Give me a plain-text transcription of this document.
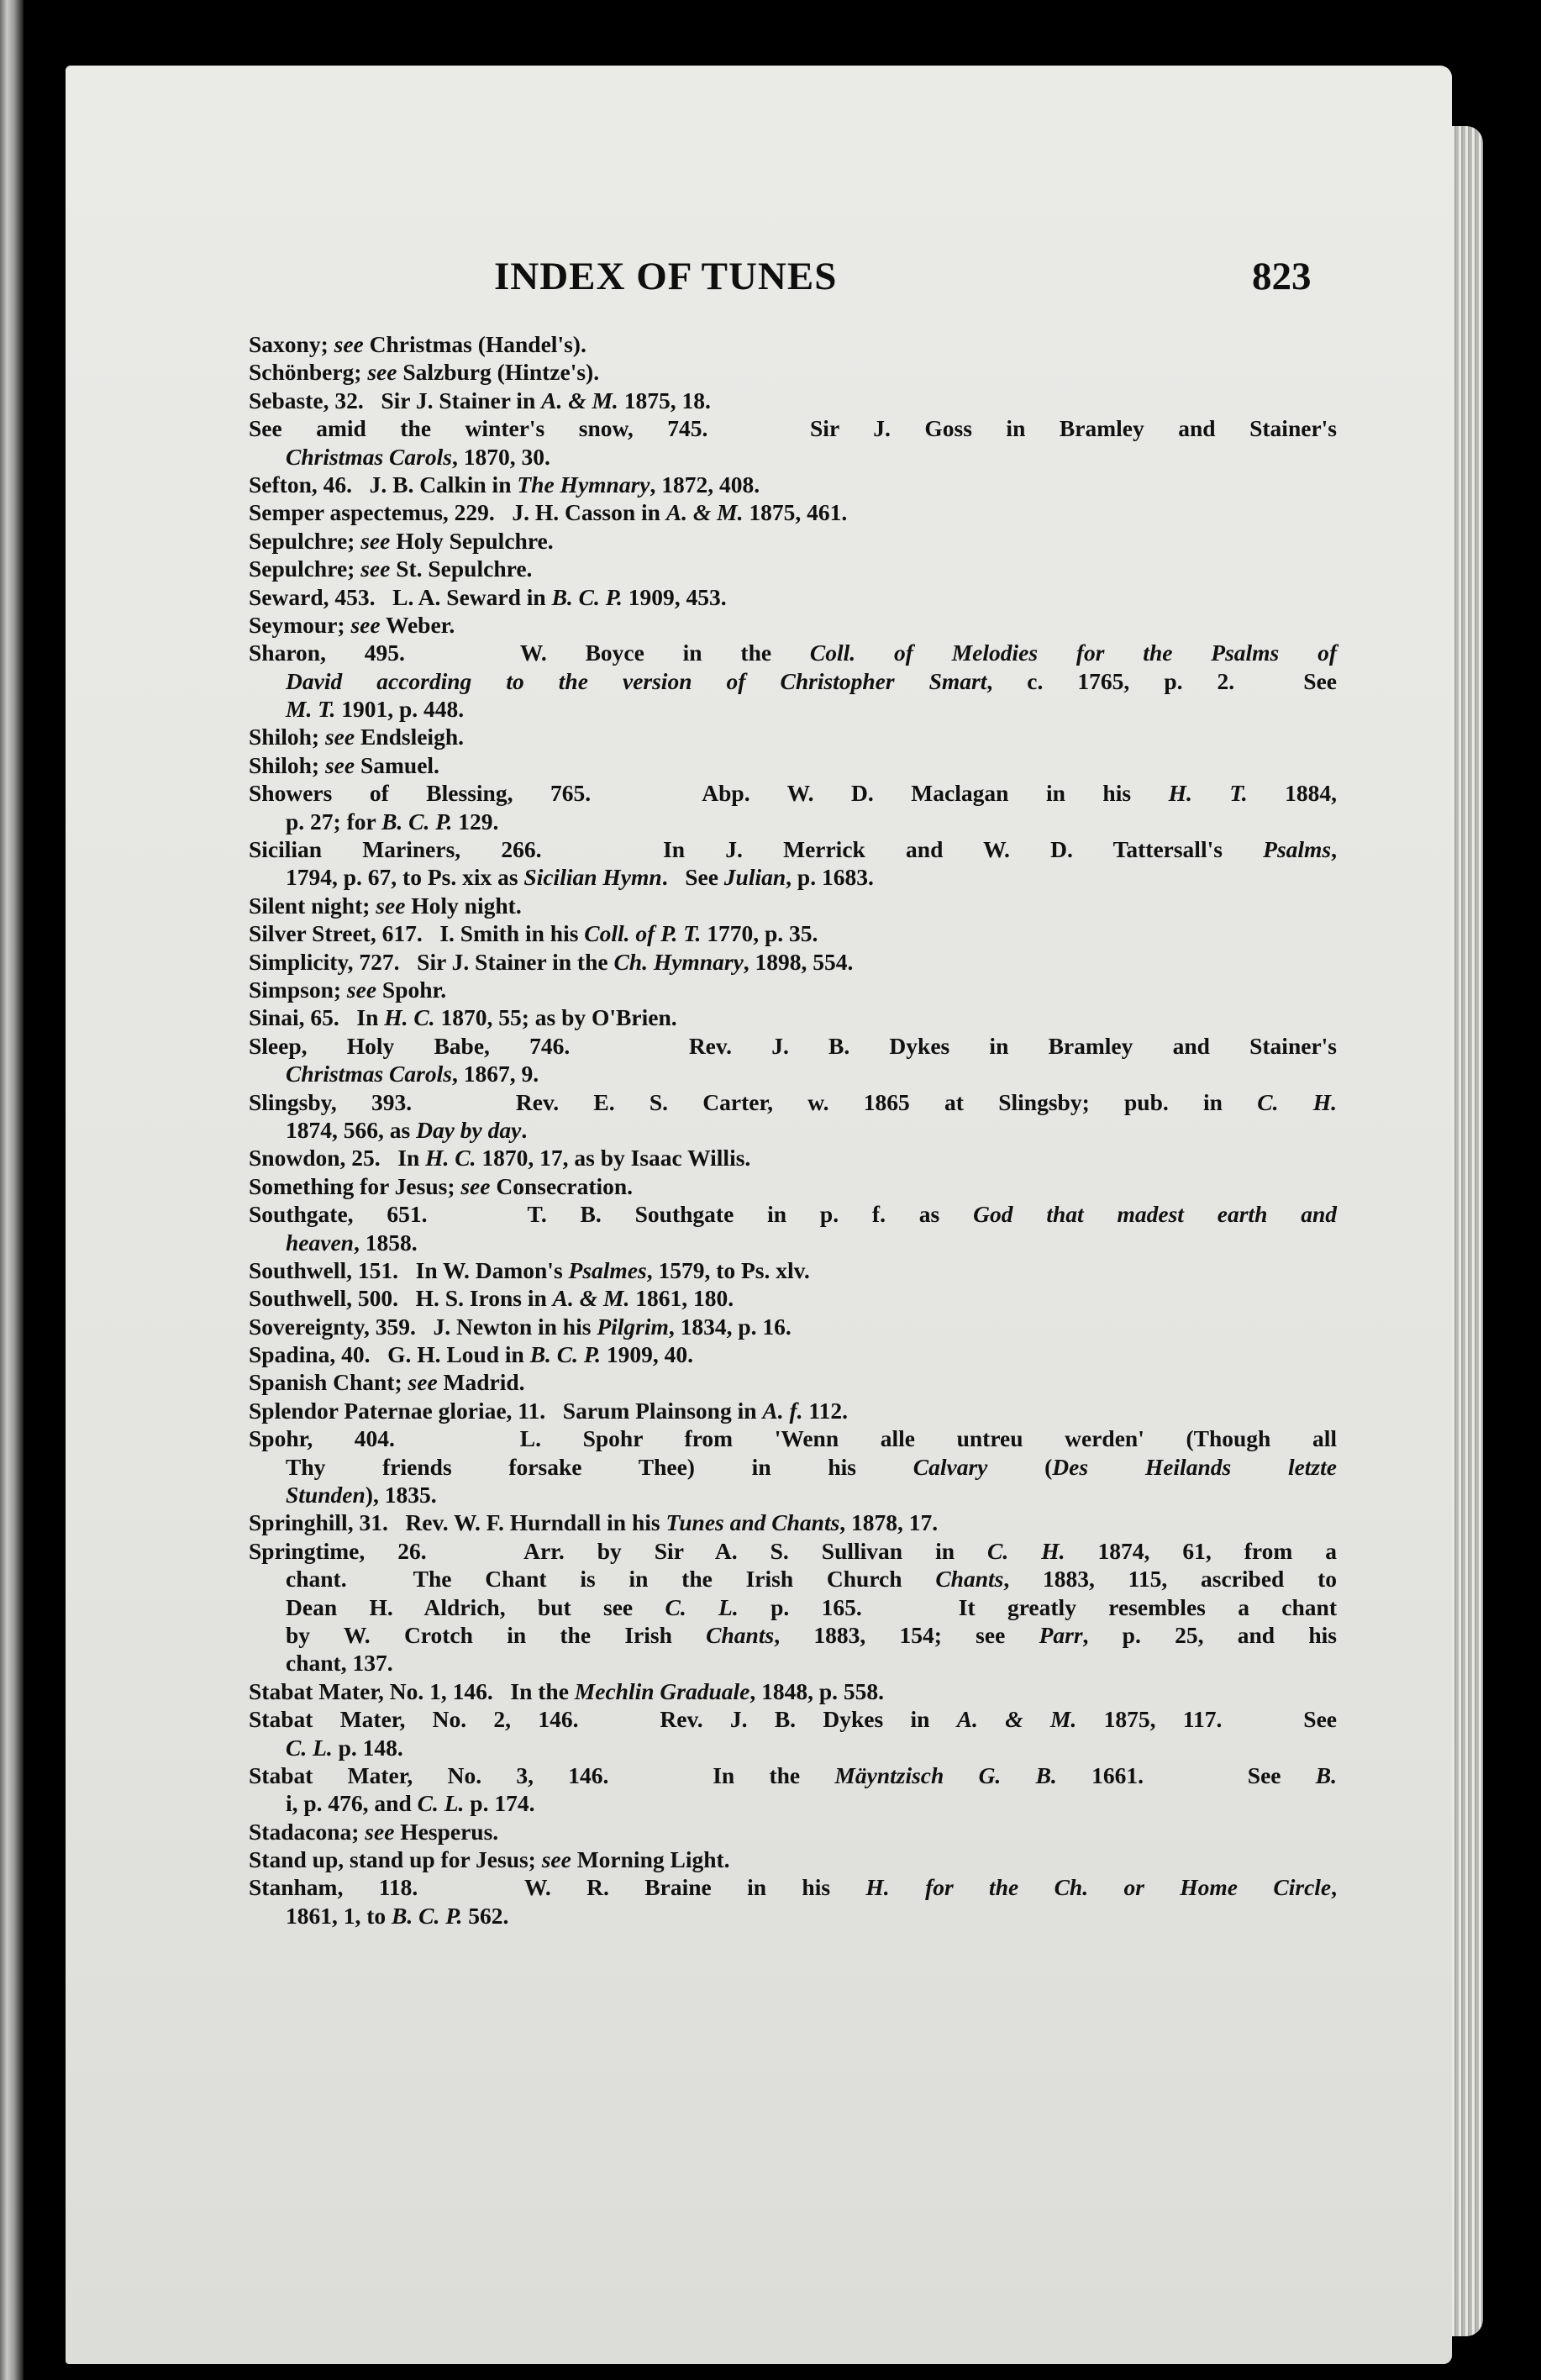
INDEX OF TUNES	823
Saxony; see Christmas (Handel's).
Schönberg; see Salzburg (Hintze's).
Sebaste, 32.   Sir J. Stainer in A. & M. 1875, 18.
See amid the winter's snow, 745.   Sir J. Goss in Bramley and Stainer's
Christmas Carols, 1870, 30.
Sefton, 46.   J. B. Calkin in The Hymnary, 1872, 408.
Semper aspectemus, 229.   J. H. Casson in A. & M. 1875, 461.
Sepulchre; see Holy Sepulchre.
Sepulchre; see St. Sepulchre.
Seward, 453.   L. A. Seward in B. C. P. 1909, 453.
Seymour; see Weber.
Sharon, 495.   W. Boyce in the Coll. of Melodies for the Psalms of
David according to the version of Christopher Smart, c. 1765, p. 2.  See
M. T. 1901, p. 448.
Shiloh; see Endsleigh.
Shiloh; see Samuel.
Showers of Blessing, 765.   Abp. W. D. Maclagan in his H. T. 1884,
p. 27; for B. C. P. 129.
Sicilian Mariners, 266.   In J. Merrick and W. D. Tattersall's Psalms,
1794, p. 67, to Ps. xix as Sicilian Hymn.   See Julian, p. 1683.
Silent night; see Holy night.
Silver Street, 617.   I. Smith in his Coll. of P. T. 1770, p. 35.
Simplicity, 727.   Sir J. Stainer in the Ch. Hymnary, 1898, 554.
Simpson; see Spohr.
Sinai, 65.   In H. C. 1870, 55; as by O'Brien.
Sleep, Holy Babe, 746.   Rev. J. B. Dykes in Bramley and Stainer's
Christmas Carols, 1867, 9.
Slingsby, 393.   Rev. E. S. Carter, w. 1865 at Slingsby; pub. in C. H.
1874, 566, as Day by day.
Snowdon, 25.   In H. C. 1870, 17, as by Isaac Willis.
Something for Jesus; see Consecration.
Southgate, 651.   T. B. Southgate in p. f. as God that madest earth and
heaven, 1858.
Southwell, 151.   In W. Damon's Psalmes, 1579, to Ps. xlv.
Southwell, 500.   H. S. Irons in A. & M. 1861, 180.
Sovereignty, 359.   J. Newton in his Pilgrim, 1834, p. 16.
Spadina, 40.   G. H. Loud in B. C. P. 1909, 40.
Spanish Chant; see Madrid.
Splendor Paternae gloriae, 11.   Sarum Plainsong in A. f. 112.
Spohr, 404.   L. Spohr from 'Wenn alle untreu werden' (Though all
Thy friends forsake Thee) in his Calvary (Des Heilands letzte
Stunden), 1835.
Springhill, 31.   Rev. W. F. Hurndall in his Tunes and Chants, 1878, 17.
Springtime, 26.   Arr. by Sir A. S. Sullivan in C. H. 1874, 61, from a
chant.  The Chant is in the Irish Church Chants, 1883, 115, ascribed to
Dean H. Aldrich, but see C. L. p. 165.   It greatly resembles a chant
by W. Crotch in the Irish Chants, 1883, 154; see Parr, p. 25, and his
chant, 137.
Stabat Mater, No. 1, 146.   In the Mechlin Graduale, 1848, p. 558.
Stabat Mater, No. 2, 146.   Rev. J. B. Dykes in A. & M. 1875, 117.   See
C. L. p. 148.
Stabat Mater, No. 3, 146.   In the Mäyntzisch G. B. 1661.   See B.
i, p. 476, and C. L. p. 174.
Stadacona; see Hesperus.
Stand up, stand up for Jesus; see Morning Light.
Stanham, 118.   W. R. Braine in his H. for the Ch. or Home Circle,
1861, 1, to B. C. P. 562.
